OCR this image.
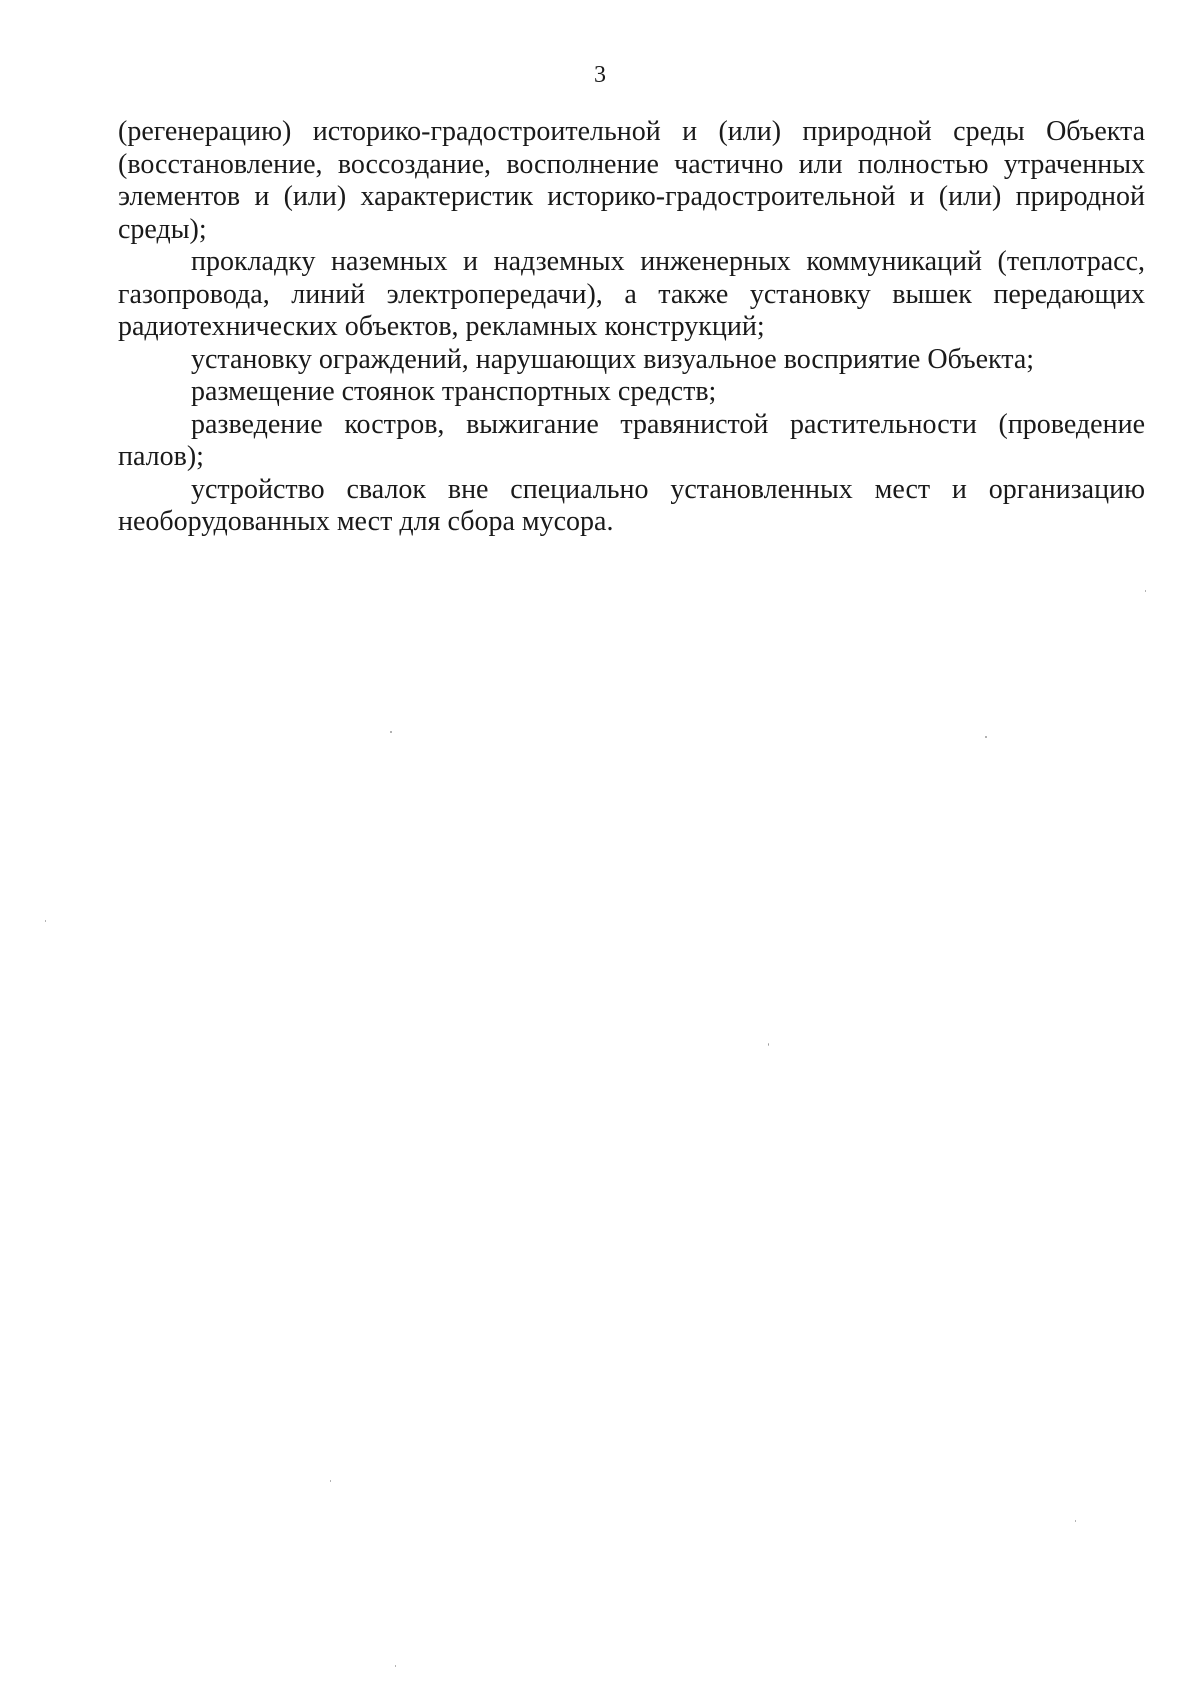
3

(регенерацию) историко-градостроительной и (или) природной среды Объекта (восстановление, воссоздание, восполнение частично или полностью утраченных элементов и (или) характеристик историко-градостроительной и (или) природной среды);

прокладку наземных и надземных инженерных коммуникаций (теплотрасс, газопровода, линий электропередачи), а также установку вышек передающих радиотехнических объектов, рекламных конструкций;

установку ограждений, нарушающих визуальное восприятие Объекта;

размещение стоянок транспортных средств;

разведение костров, выжигание травянистой растительности (проведение палов);

устройство свалок вне специально установленных мест и организацию необорудованных мест для сбора мусора.
